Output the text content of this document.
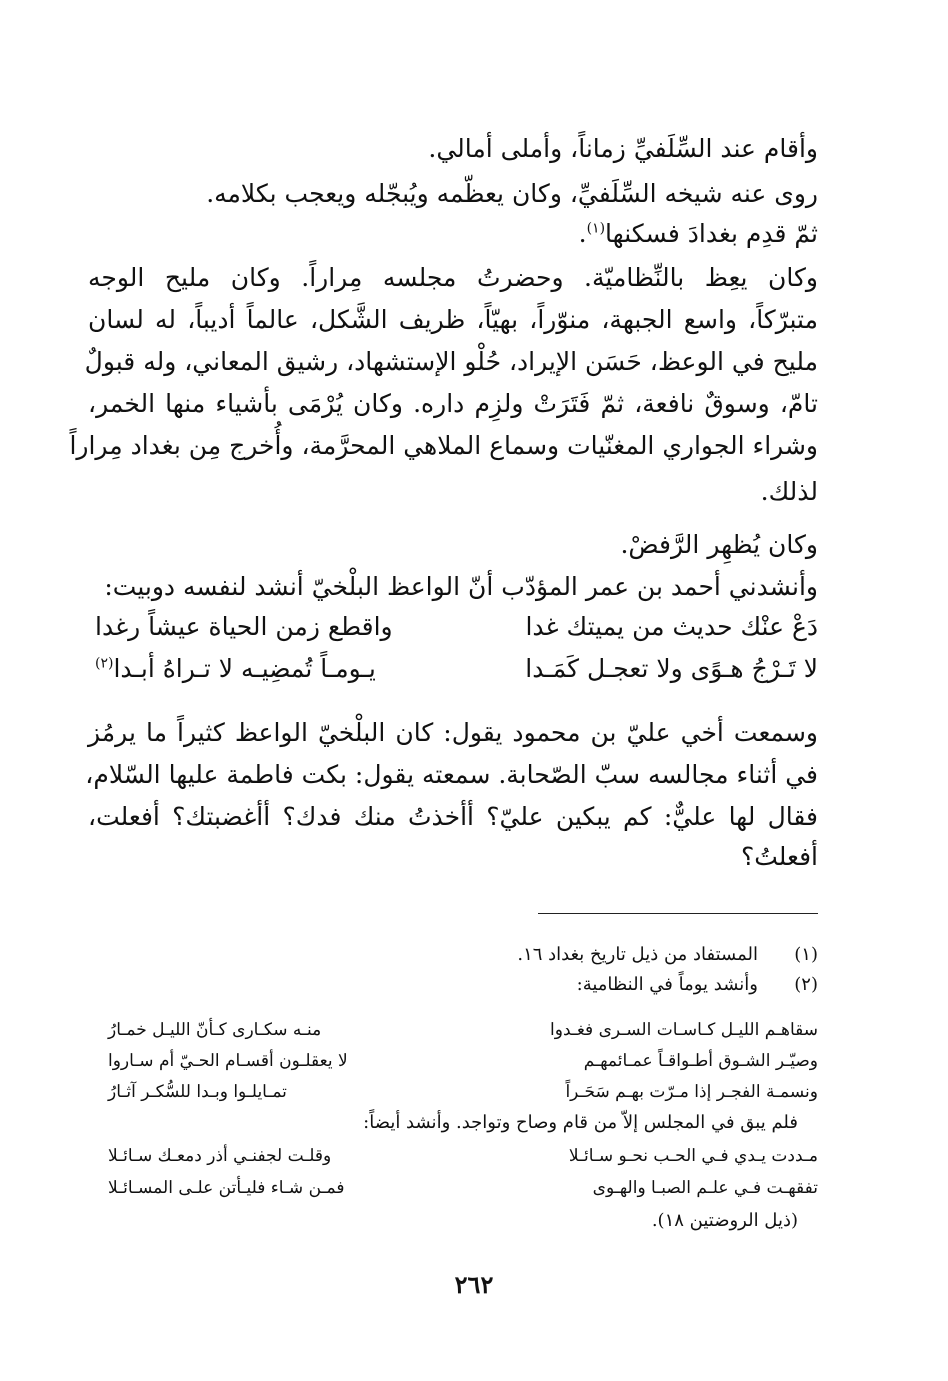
وأقام عند السِّلَفيِّ زماناً، وأملى أمالي.
روى عنه شيخه السِّلَفيِّ، وكان يعظّمه ويُبجّله ويعجب بكلامه.
ثمّ قدِم بغدادَ فسكنها$^{(١)}$.
وكان يعِظ بالنِّظاميّة. وحضرتُ مجلسه مِراراً. وكان مليح الوجه
متبرّكاً، واسع الجبهة، منوّراً، بهيّاً، ظريف الشَّكل، عالماً أديباً، له لسان
مليح في الوعظ، حَسَن الإيراد، حُلْو الإستشهاد، رشيق المعاني، وله قبولٌ
تامّ، وسوقٌ نافعة، ثمّ فَتَرَتْ ولزِم داره. وكان يُرْمَى بأشياء منها الخمر،
وشراء الجواري المغنّيات وسماع الملاهي المحرَّمة، وأُخرج مِن بغداد مِراراً
لذلك.
وكان يُظهِر الرَّفضْ.
وأنشدني أحمد بن عمر المؤدّب أنّ الواعظ البلْخيّ أنشد لنفسه دوبيت:
دَعْ عنْك حديث من يميتك غدا
واقطع زمن الحياة عيشاً رغدا
لا تَـرْجُ هـوًى ولا تعجـل كَمَـدا
يـومـاً تُمضِيـه لا تـراهُ أبـدا$^{(٢)}$
وسمعت أخي عليّ بن محمود يقول: كان البلْخيّ الواعظ كثيراً ما يرمُز
في أثناء مجالسه سبّ الصّحابة. سمعته يقول: بكت فاطمة عليها السّلام،
فقال لها عليٌّ: كم يبكين عليّ؟ أأخذتُ منك فدك؟ أأغضبتك؟ أفعلت،
أفعلتُ؟
(١)
المستفاد من ذيل تاريخ بغداد ١٦.
(٢)
وأنشد يوماً في النظامية:
سقاهـم الليـل كـاسـات السـرى فغـدوا
منـه سكـارى كـأنّ الليـل خمـارُ
وصيّـر الشـوق أطـواقـاً عمـائمهـم
لا يعقلـون أقسـام الحـيّ أم سـاروا
ونسمـة الفجـر إذا مـرّت بهـم سَحَـراً
تمـايلـوا وبـدا للسُّكـر آثـارُ
فلم يبق في المجلس إلاّ من قام وصاح وتواجد. وأنشد أيضاً:
مـددت يـدي فـي الحـب نحـو سـائـلا
وقلـت لجفنـي أذر دمعـك سـائـلا
تفقهـت فـي علـم الصبـا والهـوى
فمـن شـاء فليـأتن علـى المسـائـلا
(ذيل الروضتين ١٨).
٢٦٢
